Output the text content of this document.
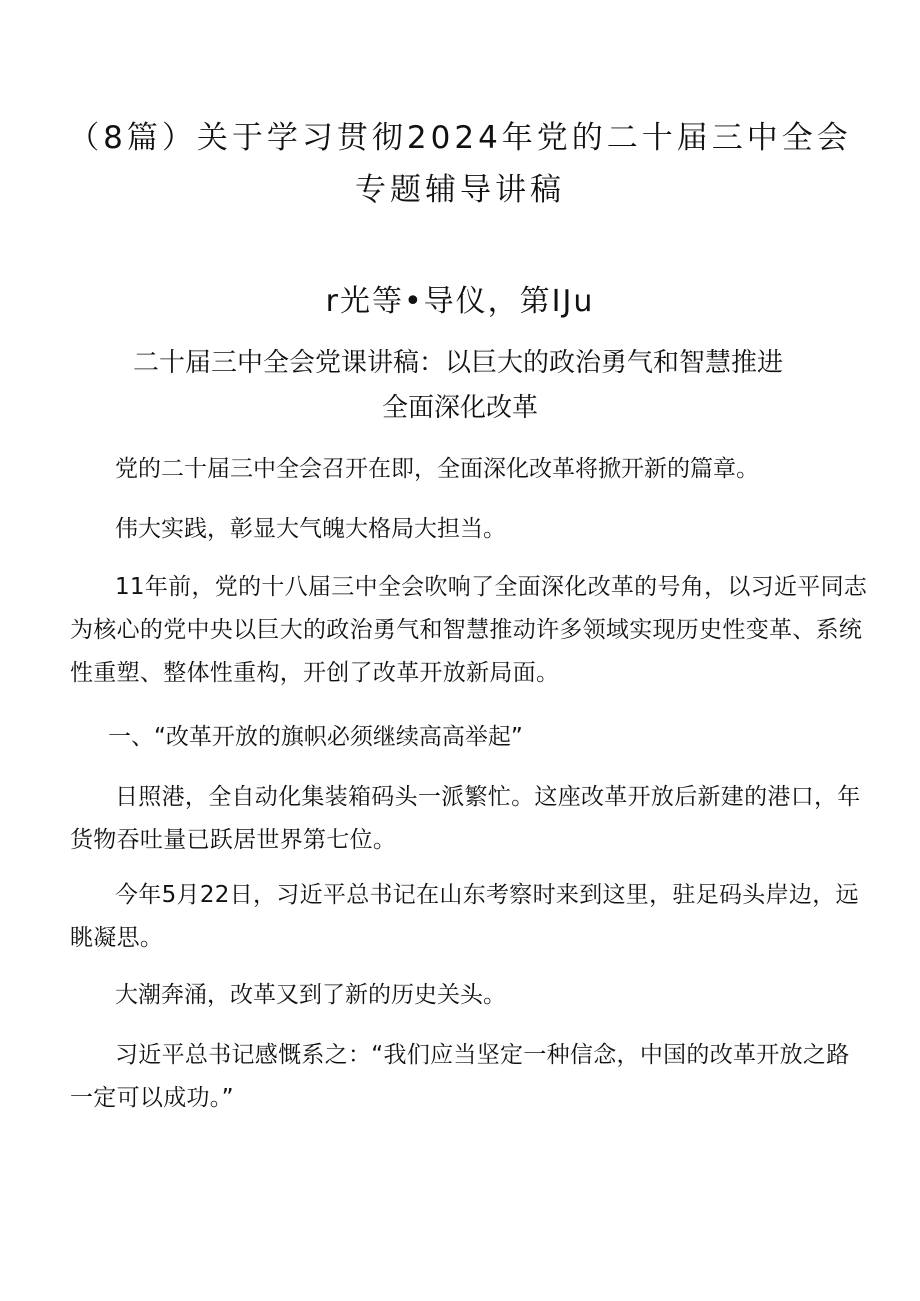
（8篇）关于学习贯彻2024年党的二十届三中全会
专题辅导讲稿
r光等•导仪，第IJu
二十届三中全会党课讲稿：以巨大的政治勇气和智慧推进
全面深化改革
党的二十届三中全会召开在即，全面深化改革将掀开新的篇章。
伟大实践，彰显大气魄大格局大担当。
11年前，党的十八届三中全会吹响了全面深化改革的号角，以习近平同志
为核心的党中央以巨大的政治勇气和智慧推动许多领域实现历史性变革、系统
性重塑、整体性重构，开创了改革开放新局面。
一、“改革开放的旗帜必须继续高高举起”
日照港，全自动化集装箱码头一派繁忙。这座改革开放后新建的港口，年
货物吞吐量已跃居世界第七位。
今年5月22日，习近平总书记在山东考察时来到这里，驻足码头岸边，远
眺凝思。
大潮奔涌，改革又到了新的历史关头。
习近平总书记感慨系之：“我们应当坚定一种信念，中国的改革开放之路
一定可以成功。”
